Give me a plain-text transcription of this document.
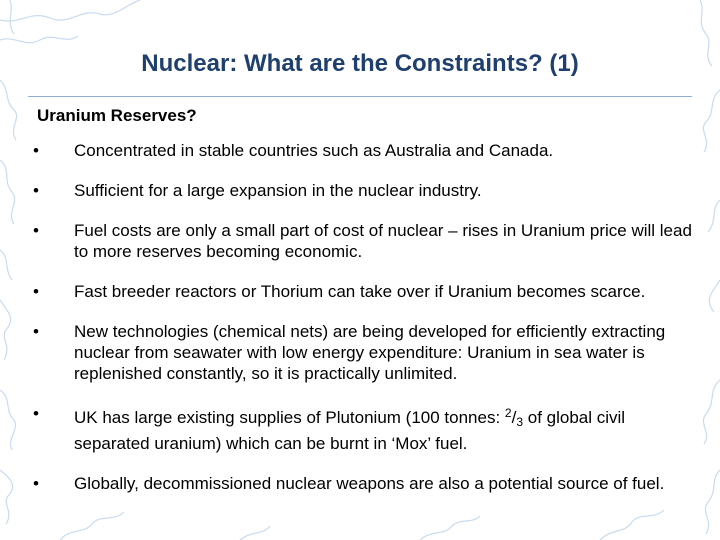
Nuclear: What are the Constraints? (1)
Uranium Reserves?
•	Concentrated in stable countries such as Australia and Canada.
•	Sufficient for a large expansion in the nuclear industry.
•	Fuel costs are only a small part of cost of nuclear – rises in Uranium price will lead to more reserves becoming economic.
•	Fast breeder reactors or Thorium can take over if Uranium becomes scarce.
•	New technologies (chemical nets) are being developed for efficiently extracting nuclear from seawater with low energy expenditure: Uranium in sea water is replenished constantly, so it is practically unlimited.
•	UK has large existing supplies of Plutonium (100 tonnes: $^2$/3 of global civil separated uranium) which can be burnt in ‘Mox’ fuel.
•	Globally, decommissioned nuclear weapons are also a potential source of fuel.
